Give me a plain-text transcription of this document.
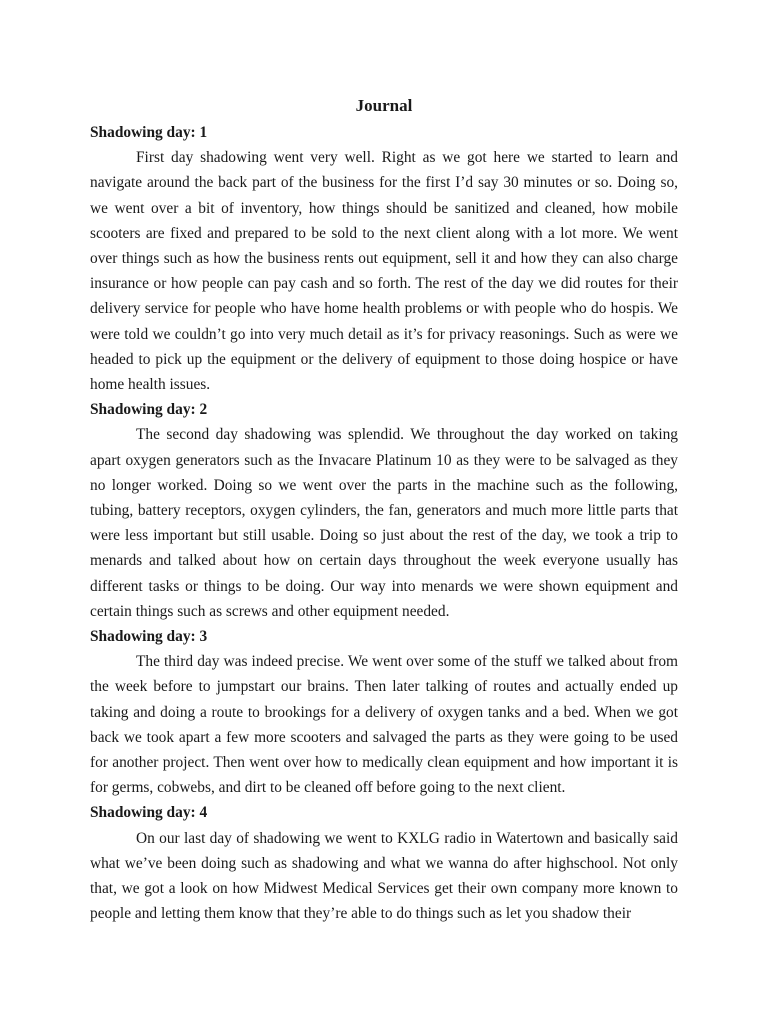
Journal

Shadowing day: 1

First day shadowing went very well. Right as we got here we started to learn and navigate around the back part of the business for the first I’d say 30 minutes or so. Doing so, we went over a bit of inventory, how things should be sanitized and cleaned, how mobile scooters are fixed and prepared to be sold to the next client along with a lot more. We went over things such as how the business rents out equipment, sell it and how they can also charge insurance or how people can pay cash and so forth. The rest of the day we did routes for their delivery service for people who have home health problems or with people who do hospis. We were told we couldn’t go into very much detail as it’s for privacy reasonings. Such as were we headed to pick up the equipment or the delivery of equipment to those doing hospice or have home health issues.

Shadowing day: 2

The second day shadowing was splendid. We throughout the day worked on taking apart oxygen generators such as the Invacare Platinum 10 as they were to be salvaged as they no longer worked. Doing so we went over the parts in the machine such as the following, tubing, battery receptors, oxygen cylinders, the fan, generators and much more little parts that were less important but still usable. Doing so just about the rest of the day, we took a trip to menards and talked about how on certain days throughout the week everyone usually has different tasks or things to be doing. Our way into menards we were shown equipment and certain things such as screws and other equipment needed.

Shadowing day: 3

The third day was indeed precise. We went over some of the stuff we talked about from the week before to jumpstart our brains. Then later talking of routes and actually ended up taking and doing a route to brookings for a delivery of oxygen tanks and a bed. When we got back we took apart a few more scooters and salvaged the parts as they were going to be used for another project. Then went over how to medically clean equipment and how important it is for germs, cobwebs, and dirt to be cleaned off before going to the next client.

Shadowing day: 4

On our last day of shadowing we went to KXLG radio in Watertown and basically said what we’ve been doing such as shadowing and what we wanna do after highschool. Not only that, we got a look on how Midwest Medical Services get their own company more known to people and letting them know that they’re able to do things such as let you shadow their
